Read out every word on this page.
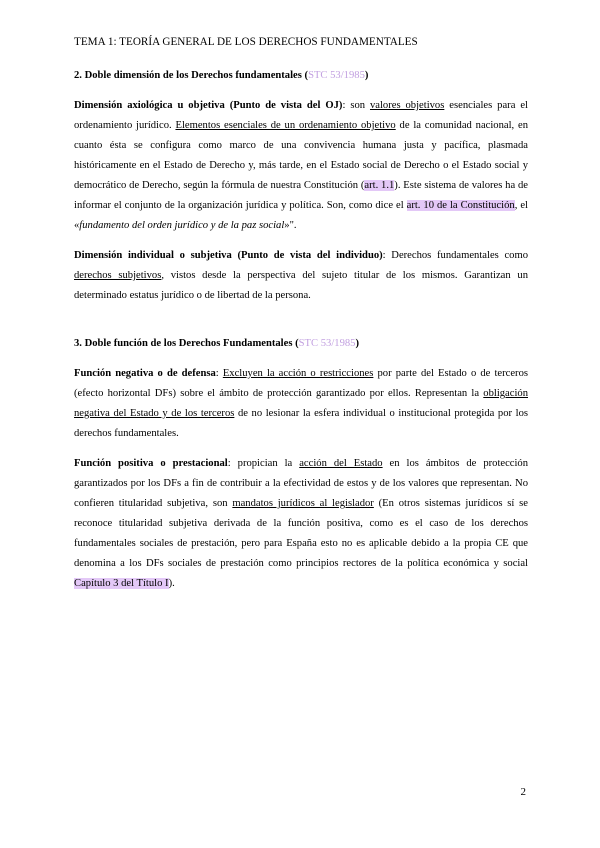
TEMA 1: TEORÍA GENERAL DE LOS DERECHOS FUNDAMENTALES
2. Doble dimensión de los Derechos fundamentales (STC 53/1985)

Dimensión axiológica u objetiva (Punto de vista del OJ): son valores objetivos esenciales para el ordenamiento jurídico. Elementos esenciales de un ordenamiento objetivo de la comunidad nacional, en cuanto ésta se configura como marco de una convivencia humana justa y pacífica, plasmada históricamente en el Estado de Derecho y, más tarde, en el Estado social de Derecho o el Estado social y democrático de Derecho, según la fórmula de nuestra Constitución (art. 1.1). Este sistema de valores ha de informar el conjunto de la organización jurídica y política. Son, como dice el art. 10 de la Constitución, el «fundamento del orden jurídico y de la paz social»".

Dimensión individual o subjetiva (Punto de vista del individuo): Derechos fundamentales como derechos subjetivos, vistos desde la perspectiva del sujeto titular de los mismos. Garantizan un determinado estatus jurídico o de libertad de la persona.

3. Doble función de los Derechos Fundamentales (STC 53/1985)

Función negativa o de defensa: Excluyen la acción o restricciones por parte del Estado o de terceros (efecto horizontal DFs) sobre el ámbito de protección garantizado por ellos. Representan la obligación negativa del Estado y de los terceros de no lesionar la esfera individual o institucional protegida por los derechos fundamentales.

Función positiva o prestacional: propician la acción del Estado en los ámbitos de protección garantizados por los DFs a fin de contribuir a la efectividad de estos y de los valores que representan. No confieren titularidad subjetiva, son mandatos jurídicos al legislador (En otros sistemas jurídicos sí se reconoce titularidad subjetiva derivada de la función positiva, como es el caso de los derechos fundamentales sociales de prestación, pero para España esto no es aplicable debido a la propia CE que denomina a los DFs sociales de prestación como principios rectores de la política económica y social Capítulo 3 del Título I).

2
